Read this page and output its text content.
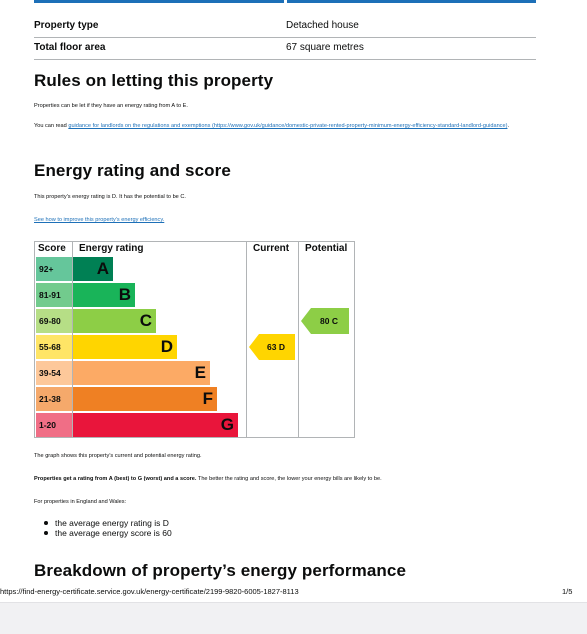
Property type	Detached house
Total floor area	67 square metres
Rules on letting this property
Properties can be let if they have an energy rating from A to E.
You can read guidance for landlords on the regulations and exemptions (https://www.gov.uk/guidance/domestic-private-rented-property-minimum-energy-efficiency-standard-landlord-guidance).
Energy rating and score
This property’s energy rating is D. It has the potential to be C.
See how to improve this property’s energy efficiency.
Score Energy rating	Current Potential
92+	A
81-91	B
69-80	C
55-68	D
39-54	E
21-38	F
1-20	G
63 D
80 C
The graph shows this property’s current and potential energy rating.
Properties get a rating from A (best) to G (worst) and a score. The better the rating and score, the lower your energy bills are likely to be.
For properties in England and Wales:
the average energy rating is D
the average energy score is 60
Breakdown of property’s energy performance
https://find-energy-certificate.service.gov.uk/energy-certificate/2199-9820-6005-1827-8113	1/5
